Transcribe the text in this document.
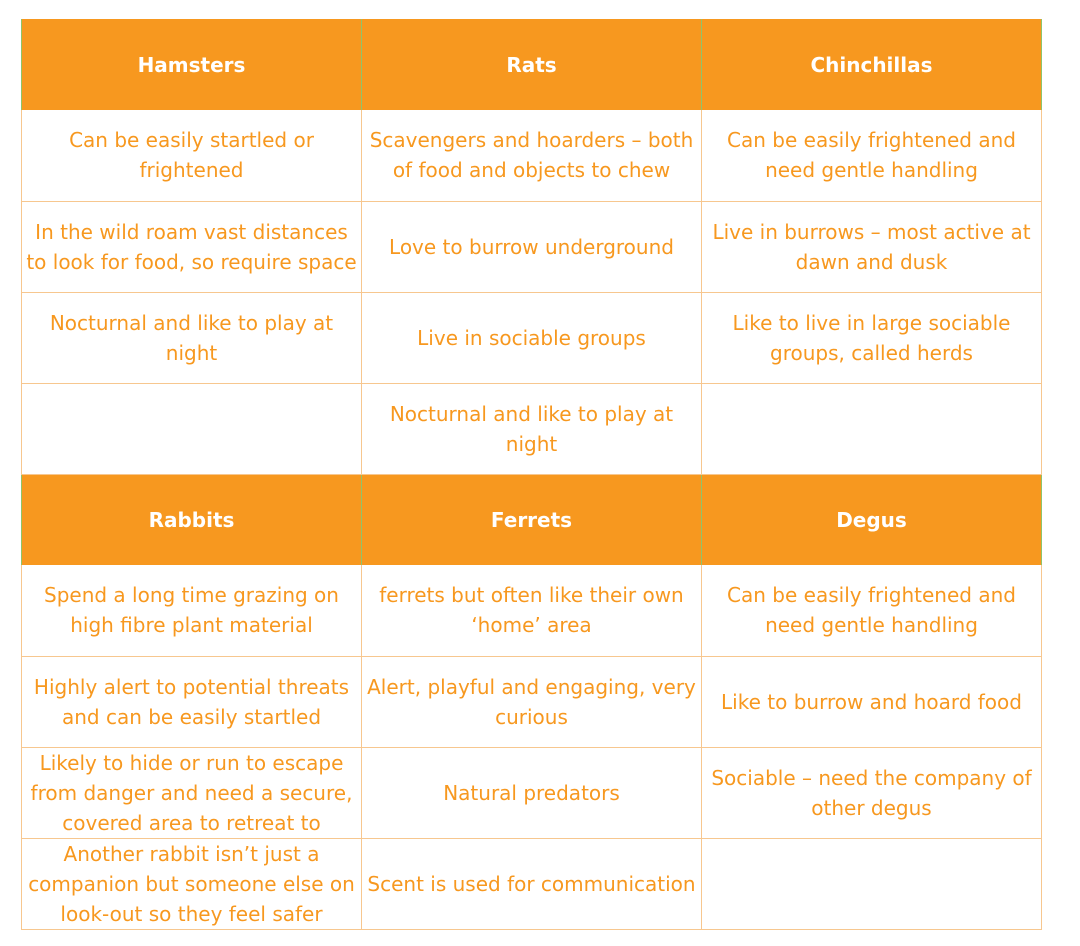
Hamsters	Rats	Chinchillas
Can be easily startled or frightened	Scavengers and hoarders – both of food and objects to chew	Can be easily frightened and need gentle handling
In the wild roam vast distances to look for food, so require space	Love to burrow underground	Live in burrows – most active at dawn and dusk
Nocturnal and like to play at night	Live in sociable groups	Like to live in large sociable groups, called herds
	Nocturnal and like to play at night	
Rabbits	Ferrets	Degus
Spend a long time grazing on high fibre plant material	ferrets but often like their own ‘home’ area	Can be easily frightened and need gentle handling
Highly alert to potential threats and can be easily startled	Alert, playful and engaging, very curious	Like to burrow and hoard food
Likely to hide or run to escape from danger and need a secure, covered area to retreat to	Natural predators	Sociable – need the company of other degus
Another rabbit isn’t just a companion but someone else on look-out so they feel safer	Scent is used for communication	
